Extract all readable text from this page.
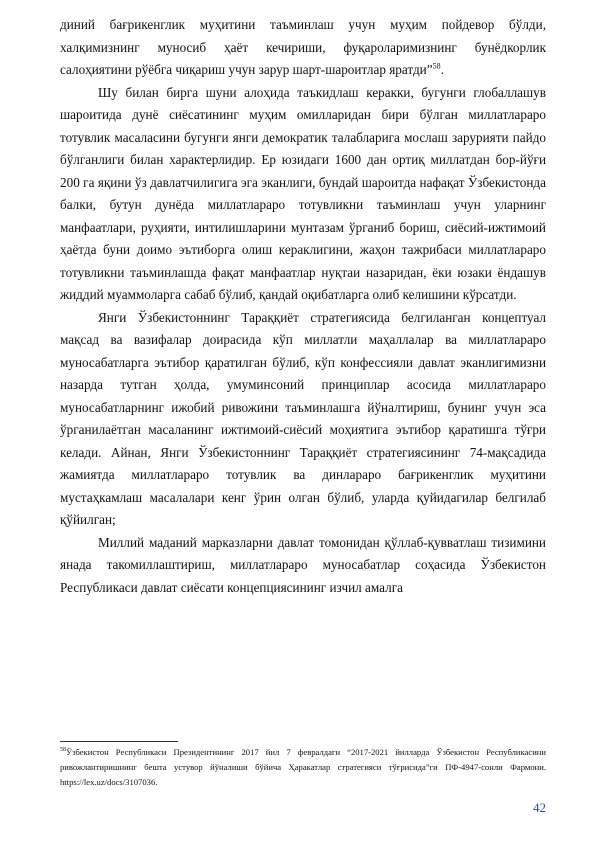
диний бағрикенглик муҳитини таъминлаш учун муҳим пойдевор бўлди, халқимизнинг муносиб ҳаёт кечириши, фуқароларимизнинг бунёдкорлик салоҳиятини рўёбга чиқариш учун зарур шарт-шароитлар яратди”$^{58}$.

Шу билан бирга шуни алоҳида таъкидлаш керакки, бугунги глобаллашув шароитида дунё сиёсатининг муҳим омилларидан бири бўлган миллатлараро тотувлик масаласини бугунги янги демократик талабларига мослаш зарурияти пайдо бўлганлиги билан характерлидир. Ер юзидаги 1600 дан ортиқ миллатдан бор-йўғи 200 га яқини ўз давлатчилигига эга эканлиги, бундай шароитда нафақат Ўзбекистонда балки, бутун дунёда миллатлараро тотувликни таъминлаш учун уларнинг манфаатлари, руҳияти, интилишларини мунтазам ўрганиб бориш, сиёсий-ижтимоий ҳаётда буни доимо эътиборга олиш кераклигини, жаҳон тажрибаси миллатлараро тотувликни таъминлашда фақат манфаатлар нуқтаи назаридан, ёки юзаки ёндашув жиддий муаммоларга сабаб бўлиб, қандай оқибатларга олиб келишини кўрсатди.

Янги Ўзбекистоннинг Тараққиёт стратегиясида белгиланган концептуал мақсад ва вазифалар доирасида кўп миллатли маҳаллалар ва миллатлараро муносабатларга эътибор қаратилган бўлиб, кўп конфессияли давлат эканлигимизни назарда тутган ҳолда, умуминсоний принциплар асосида миллатлараро муносабатларнинг ижобий ривожини таъминлашга йўналтириш, бунинг учун эса ўрганилаётган масаланинг ижтимоий-сиёсий моҳиятига эътибор қаратишга тўғри келади. Айнан, Янги Ўзбекистоннинг Тараққиёт стратегиясининг 74-мақсадида жамиятда миллатлараро тотувлик ва динлараро бағрикенглик муҳитини мустаҳкамлаш масалалари кенг ўрин олган бўлиб, уларда қуйидагилар белгилаб қўйилган;

Миллий маданий марказларни давлат томонидан қўллаб-қувватлаш тизимини янада такомиллаштириш, миллатлараро муносабатлар соҳасида Ўзбекистон Республикаси давлат сиёсати концепциясининг изчил амалга

$^{58}$Ўзбекистон Республикаси Президентининг 2017 йил 7 февралдаги “2017-2021 йилларда Ўзбекистон Республикасини ривожлантиришнинг бешта устувор йўналиши бўйича Ҳаракатлар стратегияси тўғрисида”ги ПФ-4947-сонли Фармони. https://lex.uz/docs/3107036.
42
